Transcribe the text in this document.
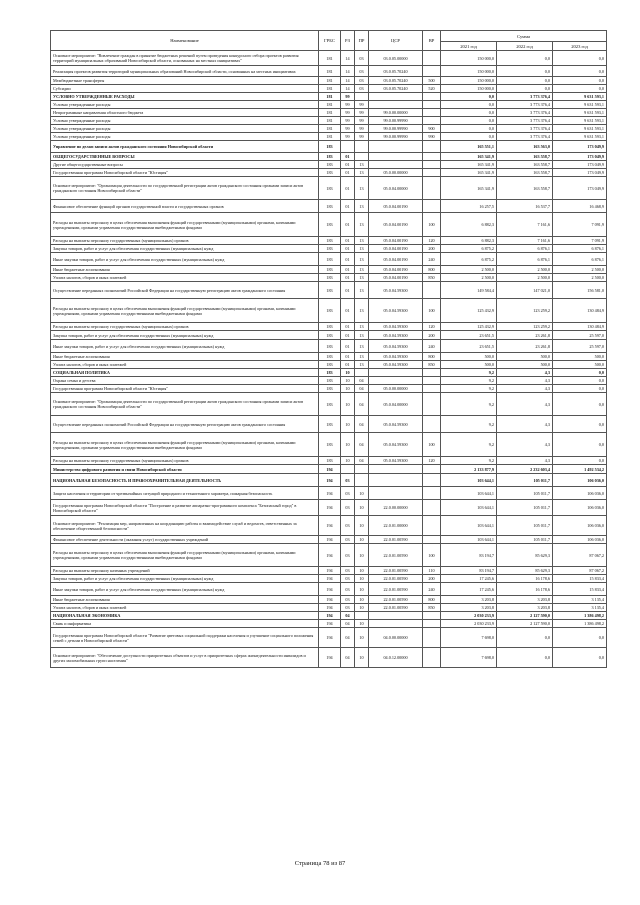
Наименование	ГРБС	РЗ	ПР	ЦСР	ВР	Сумма		
						2021 год	2022 год	2023 год
Основное мероприятие: "Вовлечение граждан в принятие бюджетных решений путем проведения конкурсного отбора проектов развития территорий муниципальных образований Новосибирской области, основанных на местных инициативах"	181	14	03	03.0.05.00000		150 000,0	0,0	0,0
Реализация проектов развития территорий муниципальных образований Новосибирской области, основанных на местных инициативах	181	14	03	03.0.05.70240		150 000,0	0,0	0,0
Межбюджетные трансферты	181	14	03	03.0.05.70240	500	150 000,0	0,0	0,0
Субсидии	181	14	03	03.0.05.70240	520	150 000,0	0,0	0,0
УСЛОВНО УТВЕРЖДЕННЫЕ РАСХОДЫ	181	99				0,0	3 773 376,4	9 631 593,1
Условно утвержденные расходы	181	99	99			0,0	3 773 376,4	9 631 593,1
Непрограммные направления областного бюджета	181	99	99	99.0.00.00000		0,0	3 773 376,4	9 631 593,1
Условно утвержденные расходы	181	99	99	99.0.00.99990		0,0	3 773 376,4	9 631 593,1
Условно утвержденные расходы	181	99	99	99.0.00.99990	900	0,0	3 773 376,4	9 631 593,1
Условно утвержденные расходы	181	99	99	99.0.00.99990	990	0,0	3 773 376,4	9 631 593,1
Управление по делам записи актов гражданского состояния Новосибирской области	183					165 551,1	163 563,0	173 049,9
ОБЩЕГОСУДАРСТВЕННЫЕ ВОПРОСЫ	183	01				165 341,9	163 558,7	173 049,9
Другие общегосударственные вопросы	183	01	13			165 341,9	163 558,7	173 049,9
Государственная программа Новосибирской области "Юстиция"	183	01	13	05.0.00.00000		165 341,9	163 558,7	173 049,9
Основное мероприятие: "Организация деятельности по государственной регистрации актов гражданского состояния органами записи актов гражданского состояния Новосибирской области"	183	01	13	05.0.04.00000		165 341,9	163 558,7	173 049,9
Финансовое обеспечение функций органов государственной власти и государственных органов	183	01	13	05.0.04.00190		16 257,5	16 537,7	16 468,9
Расходы на выплаты персоналу в целях обеспечения выполнения функций государственными (муниципальными) органами, казенными учреждениями, органами управления государственными внебюджетными фондами	183	01	13	05.0.04.00190	100	6 882,3	7 161,6	7 091,9
Расходы на выплаты персоналу государственных (муниципальных) органов	183	01	13	05.0.04.00190	120	6 882,3	7 161,6	7 091,9
Закупка товаров, работ и услуг для обеспечения государственных (муниципальных) нужд	183	01	13	05.0.04.00190	200	6 875,2	6 876,1	6 876,1
Иные закупки товаров, работ и услуг для обеспечения государственных (муниципальных) нужд	183	01	13	05.0.04.00190	240	6 875,2	6 876,1	6 876,1
Иные бюджетные ассигнования	183	01	13	05.0.04.00190	800	2 500,0	2 500,0	2 500,0
Уплата налогов, сборов и иных платежей	183	01	13	05.0.04.00190	850	2 500,0	2 500,0	2 500,0
Осуществление переданных полномочий Российской Федерации на государственную регистрацию актов гражданского состояния	183	01	13	05.0.04.59300		149 584,4	147 021,0	156 581,0
Расходы на выплаты персоналу в целях обеспечения выполнения функций государственными (муниципальными) органами, казенными учреждениями, органами управления государственными внебюджетными фондами	183	01	13	05.0.04.59300	100	125 432,9	123 259,2	130 484,9
Расходы на выплаты персоналу государственных (муниципальных) органов	183	01	13	05.0.04.59300	120	125 432,9	123 259,2	130 484,9
Закупка товаров, работ и услуг для обеспечения государственных (муниципальных) нужд	183	01	13	05.0.04.59300	200	23 651,5	23 261,8	25 597,0
Иные закупки товаров, работ и услуг для обеспечения государственных (муниципальных) нужд	183	01	13	05.0.04.59300	240	23 651,5	23 261,8	25 597,0
Иные бюджетные ассигнования	183	01	13	05.0.04.59300	800	500,0	500,0	500,0
Уплата налогов, сборов и иных платежей	183	01	13	05.0.04.59300	850	500,0	500,0	500,0
СОЦИАЛЬНАЯ ПОЛИТИКА	183	10				9,2	4,3	0,0
Охрана семьи и детства	183	10	04			9,2	4,3	0,0
Государственная программа Новосибирской области "Юстиция"	183	10	04	05.0.00.00000		9,2	4,3	0,0
Основное мероприятие: "Организация деятельности по государственной регистрации актов гражданского состояния органами записи актов гражданского состояния Новосибирской области"	183	10	04	05.0.04.00000		9,2	4,3	0,0
Осуществление переданных полномочий Российской Федерации на государственную регистрацию актов гражданского состояния	183	10	04	05.0.04.59300		9,2	4,3	0,0
Расходы на выплаты персоналу в целях обеспечения выполнения функций государственными (муниципальными) органами, казенными учреждениями, органами управления государственными внебюджетными фондами	183	10	04	05.0.04.59300	100	9,2	4,3	0,0
Расходы на выплаты персоналу государственных (муниципальных) органов	183	10	04	05.0.04.59300	120	9,2	4,3	0,0
Министерство цифрового развития и связи Новосибирской области	194					2 133 877,9	2 232 603,4	1 492 534,2
НАЦИОНАЛЬНАЯ БЕЗОПАСНОСТЬ И ПРАВООХРАНИТЕЛЬНАЯ ДЕЯТЕЛЬНОСТЬ	194	03				103 644,1	105 011,7	106 036,0
Защита населения и территории от чрезвычайных ситуаций природного и техногенного характера, пожарная безопасность	194	03	10			103 644,1	105 011,7	106 036,0
Государственная программа Новосибирской области "Построение и развитие аппаратно-программного комплекса "Безопасный город" в Новосибирской области"	194	03	10	22.0.00.00000		103 644,1	105 011,7	106 036,0
Основное мероприятие: "Реализация мер, направленных на координацию работы и взаимодействие служб и ведомств, ответственных за обеспечение общественной безопасности"	194	03	10	22.0.01.00000		103 644,1	105 011,7	106 036,0
Финансовое обеспечение деятельности (оказания услуг) государственных учреждений	194	03	10	22.0.01.00590		103 644,1	105 011,7	106 036,0
Расходы на выплаты персоналу в целях обеспечения выполнения функций государственными (муниципальными) органами, казенными учреждениями, органами управления государственными внебюджетными фондами	194	03	10	22.0.01.00590	100	83 194,7	85 629,3	87 067,2
Расходы на выплаты персоналу казенных учреждений	194	03	10	22.0.01.00590	110	83 194,7	85 629,3	87 067,2
Закупка товаров, работ и услуг для обеспечения государственных (муниципальных) нужд	194	03	10	22.0.01.00590	200	17 245,6	16 178,6	15 833,4
Иные закупки товаров, работ и услуг для обеспечения государственных (муниципальных) нужд	194	03	10	22.0.01.00590	240	17 245,6	16 178,6	15 833,4
Иные бюджетные ассигнования	194	03	10	22.0.01.00590	800	3 203,8	3 203,8	3 135,4
Уплата налогов, сборов и иных платежей	194	03	10	22.0.01.00590	850	3 203,8	3 203,8	3 135,4
НАЦИОНАЛЬНАЯ ЭКОНОМИКА	194	04				2 030 233,9	2 127 590,0	1 386 498,2
Связь и информатика	194	04	10			2 030 233,9	2 127 590,0	1 386 498,2
Государственная программа Новосибирской области "Развитие цветовых социальной поддержки населения и улучшение социального положения семей с детьми в Новосибирской области"	194	04	10	04.0.00.00000		7 698,0	0,0	0,0
Основное мероприятие: "Обеспечение доступности приоритетных объектов и услуг в приоритетных сферах жизнедеятельности инвалидов и других маломобильных групп населения"	194	04	10	04.0.12.00000		7 698,0	0,0	0,0
Страница 78 из 87
